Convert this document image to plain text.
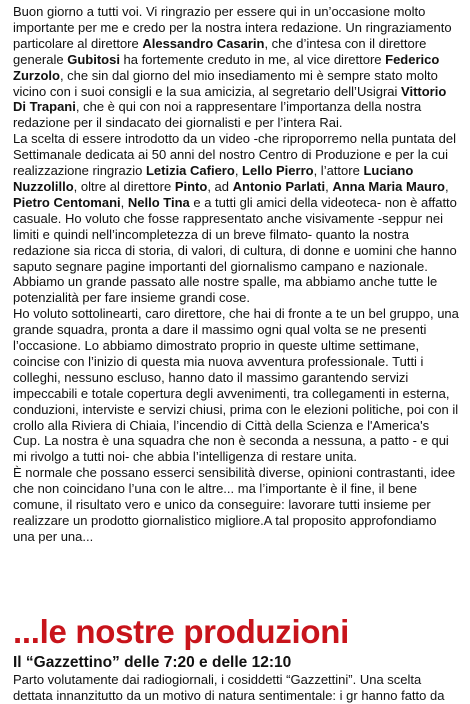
Buon giorno a tutti voi. Vi ringrazio per essere qui in un’occasione molto importante per me e credo per la nostra intera redazione. Un ringraziamento particolare al direttore Alessandro Casarin, che d’intesa con il direttore generale Gubitosi ha fortemente creduto in me, al vice direttore Federico Zurzolo, che sin dal giorno del mio insediamento mi è sempre stato molto vicino con i suoi consigli e la sua amicizia, al segretario dell’Usigrai Vittorio Di Trapani, che è qui con noi a rappresentare l’importanza della nostra redazione per il sindacato dei giornalisti e per l’intera Rai.

La scelta di essere introdotto da un video -che riproporremo nella puntata del Settimanale dedicata ai 50 anni del nostro Centro di Produzione e per la cui realizzazione ringrazio Letizia Cafiero, Lello Pierro, l’attore Luciano Nuzzolillo, oltre al direttore Pinto, ad Antonio Parlati, Anna Maria Mauro, Pietro Centomani, Nello Tina e a tutti gli amici della videoteca- non è affatto casuale. Ho voluto che fosse rappresentato anche visivamente -seppur nei limiti e quindi nell’incompletezza di un breve filmato- quanto la nostra redazione sia ricca di storia, di valori, di cultura, di donne e uomini che hanno saputo segnare pagine importanti del giornalismo campano e nazionale. Abbiamo un grande passato alle nostre spalle, ma abbiamo anche tutte le potenzialità per fare insieme grandi cose.

Ho voluto sottolinearti, caro direttore, che hai di fronte a te un bel gruppo, una grande squadra, pronta a dare il massimo ogni qual volta se ne presenti l’occasione. Lo abbiamo dimostrato proprio in queste ultime settimane, coincise con l’inizio di questa mia nuova avventura professionale. Tutti i colleghi, nessuno escluso, hanno dato il massimo garantendo servizi impeccabili e totale copertura degli avvenimenti, tra collegamenti in esterna, conduzioni, interviste e servizi chiusi, prima con le elezioni politiche, poi con il crollo alla Riviera di Chiaia, l’incendio di Città della Scienza e l'America's Cup. La nostra è una squadra che non è seconda a nessuna, a patto - e qui mi rivolgo a tutti noi- che abbia l’intelligenza di restare unita.

È normale che possano esserci sensibilità diverse, opinioni contrastanti, idee che non coincidano l’una con le altre... ma l’importante è il fine, il bene comune, il risultato vero e unico da conseguire: lavorare tutti insieme per realizzare un prodotto giornalistico migliore.A tal proposito approfondiamo una per una...

...le nostre produzioni
Il “Gazzettino” delle 7:20 e delle 12:10

Parto volutamente dai radiogiornali, i cosiddetti “Gazzettini”. Una scelta dettata innanzitutto da un motivo di natura sentimentale: i gr hanno fatto da
